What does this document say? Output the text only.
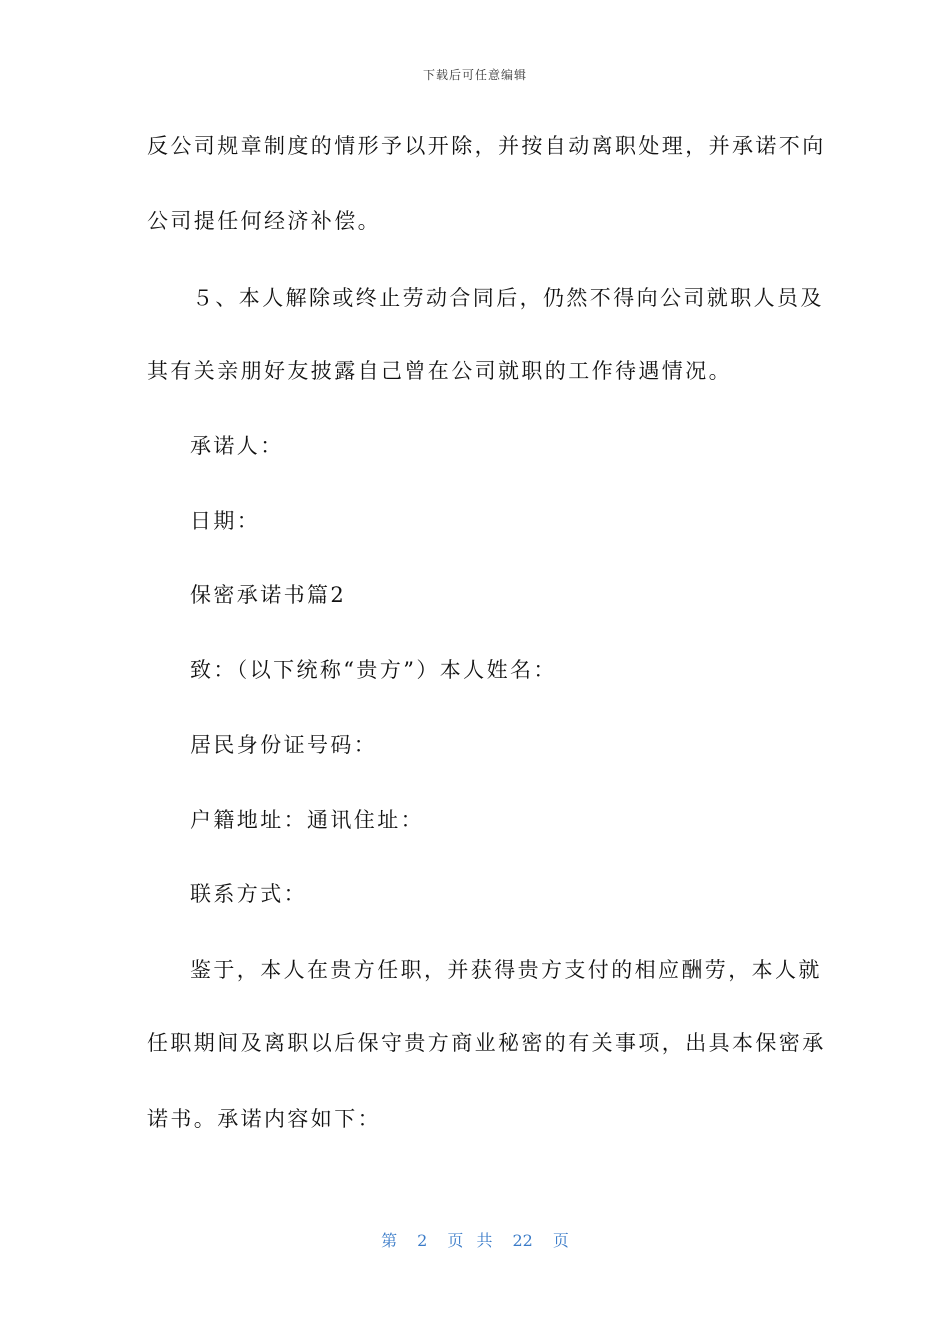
下载后可任意编辑
反公司规章制度的情形予以开除，并按自动离职处理，并承诺不向
公司提任何经济补偿。
５、本人解除或终止劳动合同后，仍然不得向公司就职人员及
其有关亲朋好友披露自己曾在公司就职的工作待遇情况。
承诺人：
日期：
保密承诺书篇2
致：（以下统称“贵方”）本人姓名：
居民身份证号码：
户籍地址：通讯住址：
联系方式：
鉴于，本人在贵方任职，并获得贵方支付的相应酬劳，本人就
任职期间及离职以后保守贵方商业秘密的有关事项，出具本保密承
诺书。承诺内容如下：
第 2 页 共 22 页
